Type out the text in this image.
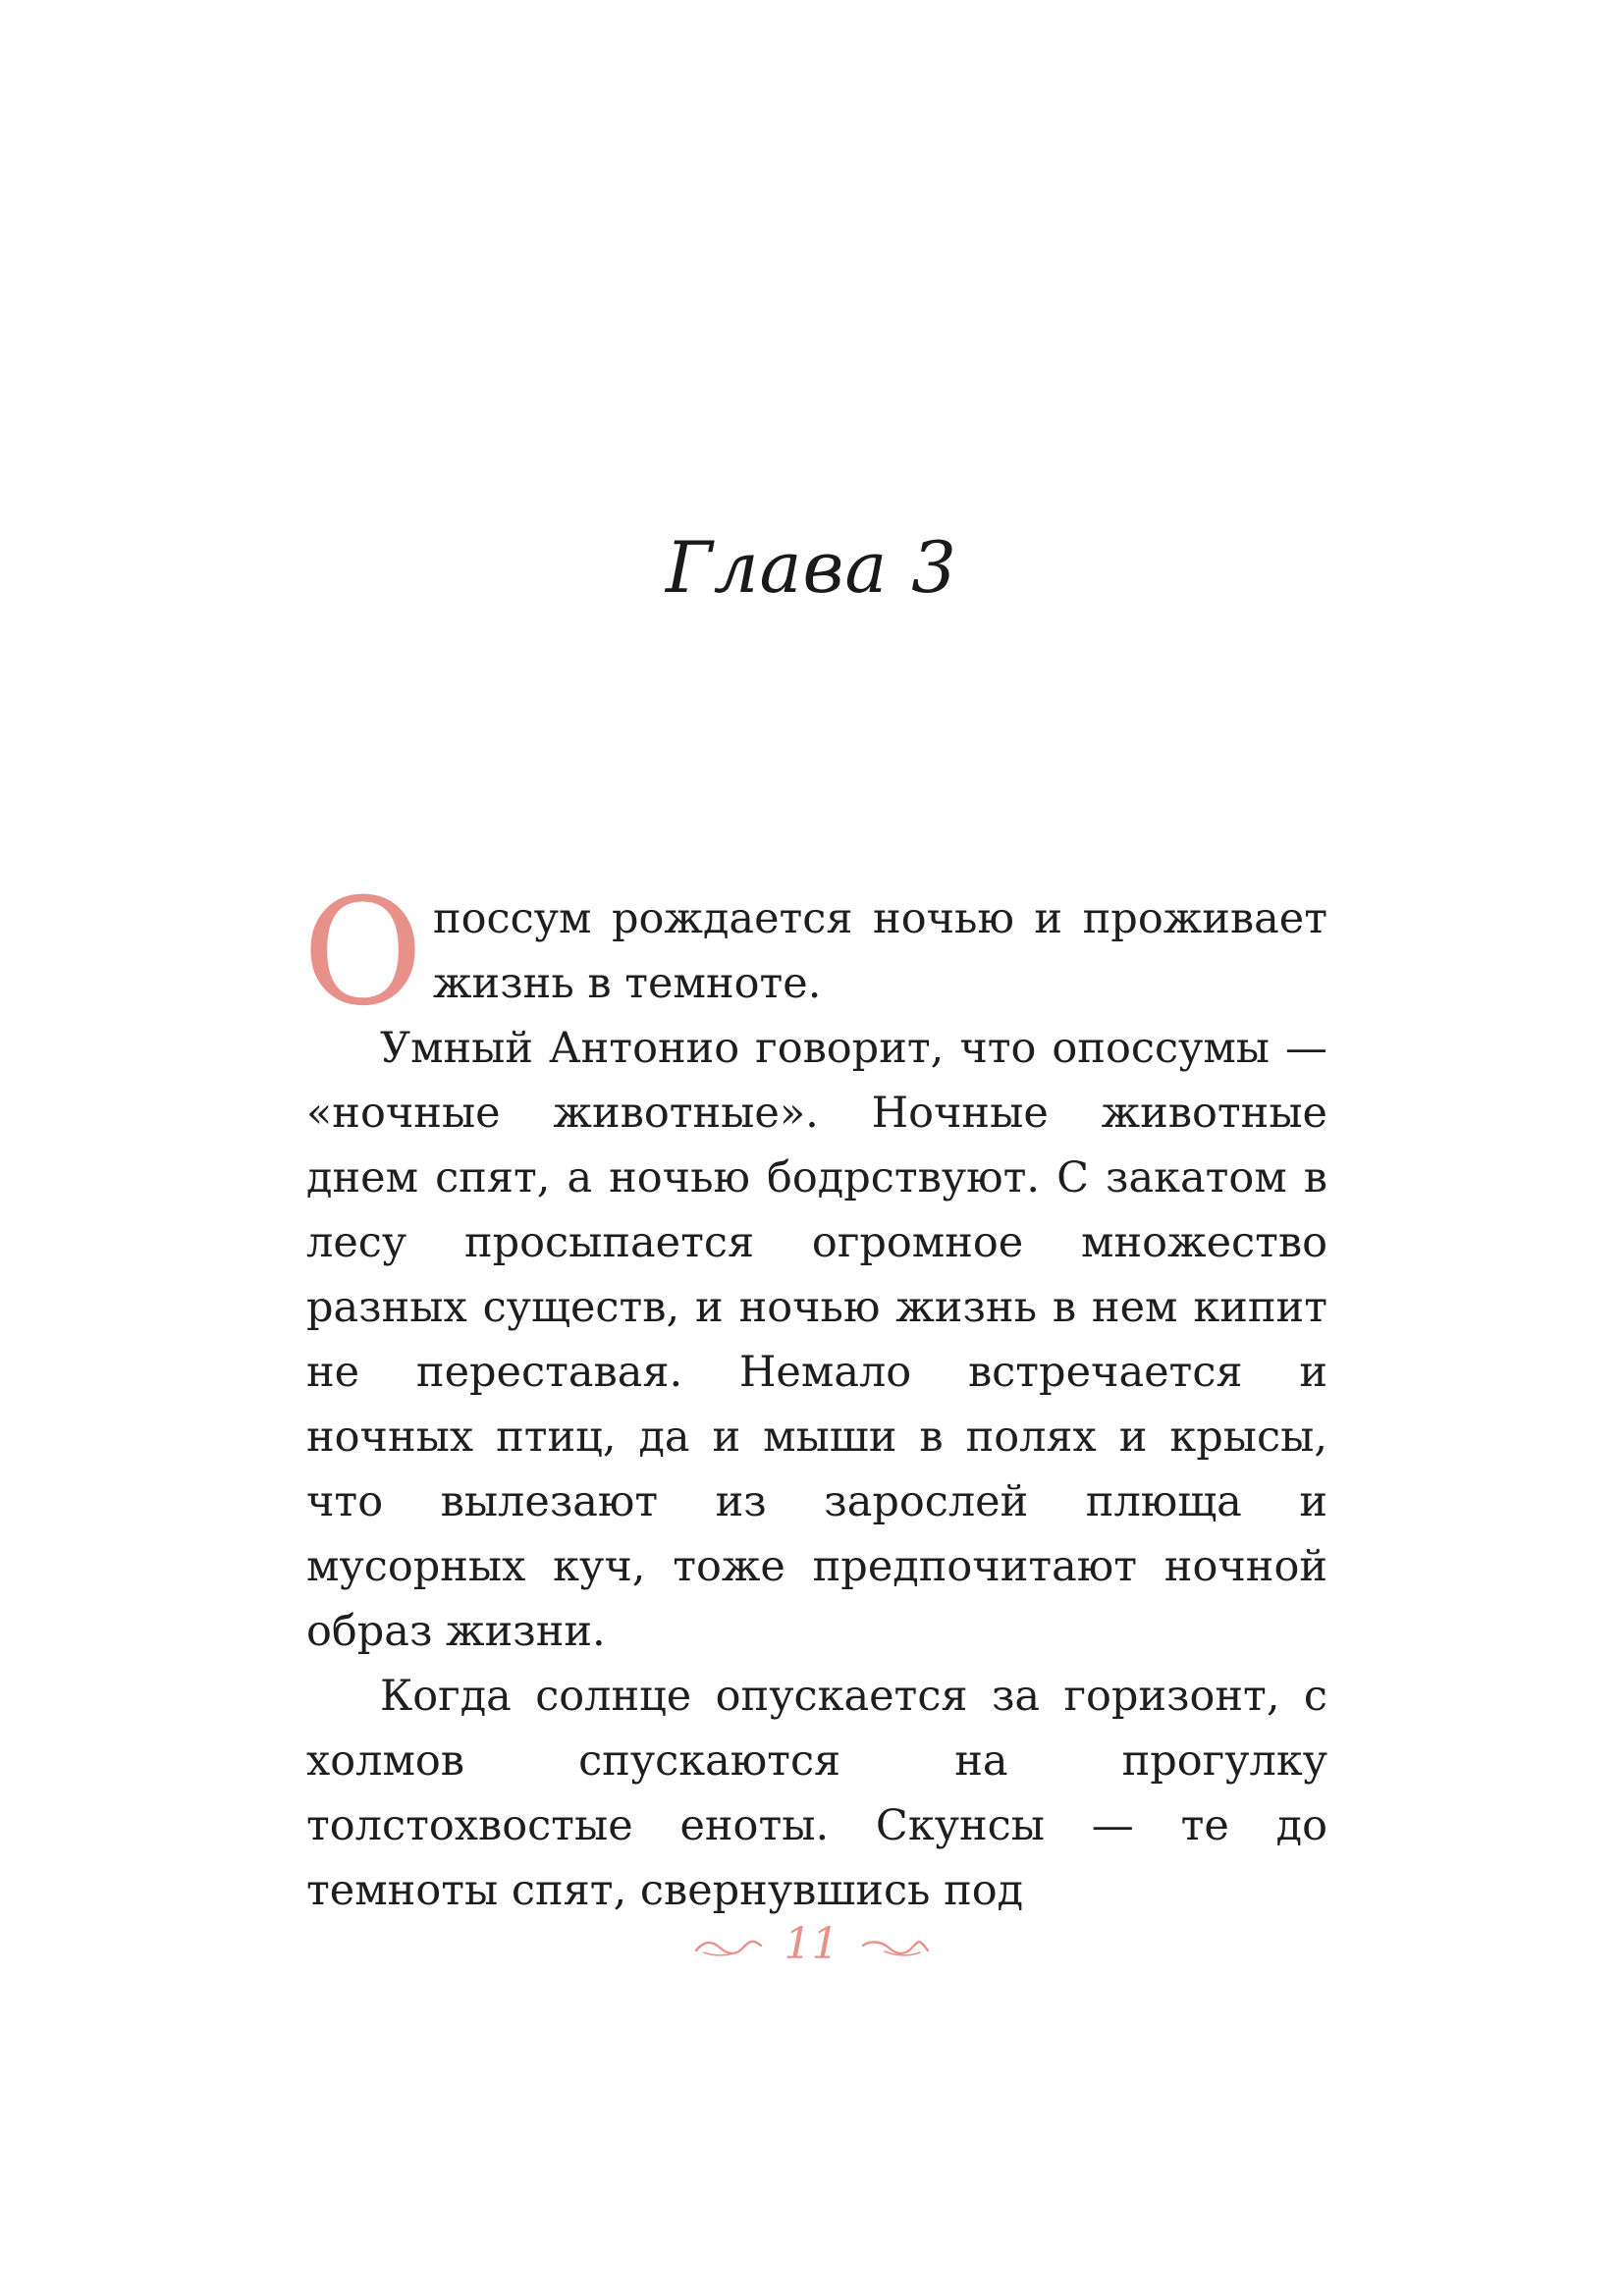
Глава 3

Опоссум рождается ночью и проживает жизнь в темноте.

Умный Антонио говорит, что опоссумы — «ночные животные». Ночные животные днем спят, а ночью бодрствуют. С закатом в лесу просыпается огромное множество разных существ, и ночью жизнь в нем кипит не переставая. Немало встречается и ночных птиц, да и мыши в полях и крысы, что вылезают из зарослей плюща и мусорных куч, тоже предпочитают ночной образ жизни.

Когда солнце опускается за горизонт, с холмов спускаются на прогулку толстохвостые еноты. Скунсы — те до темноты спят, свернувшись под

11
